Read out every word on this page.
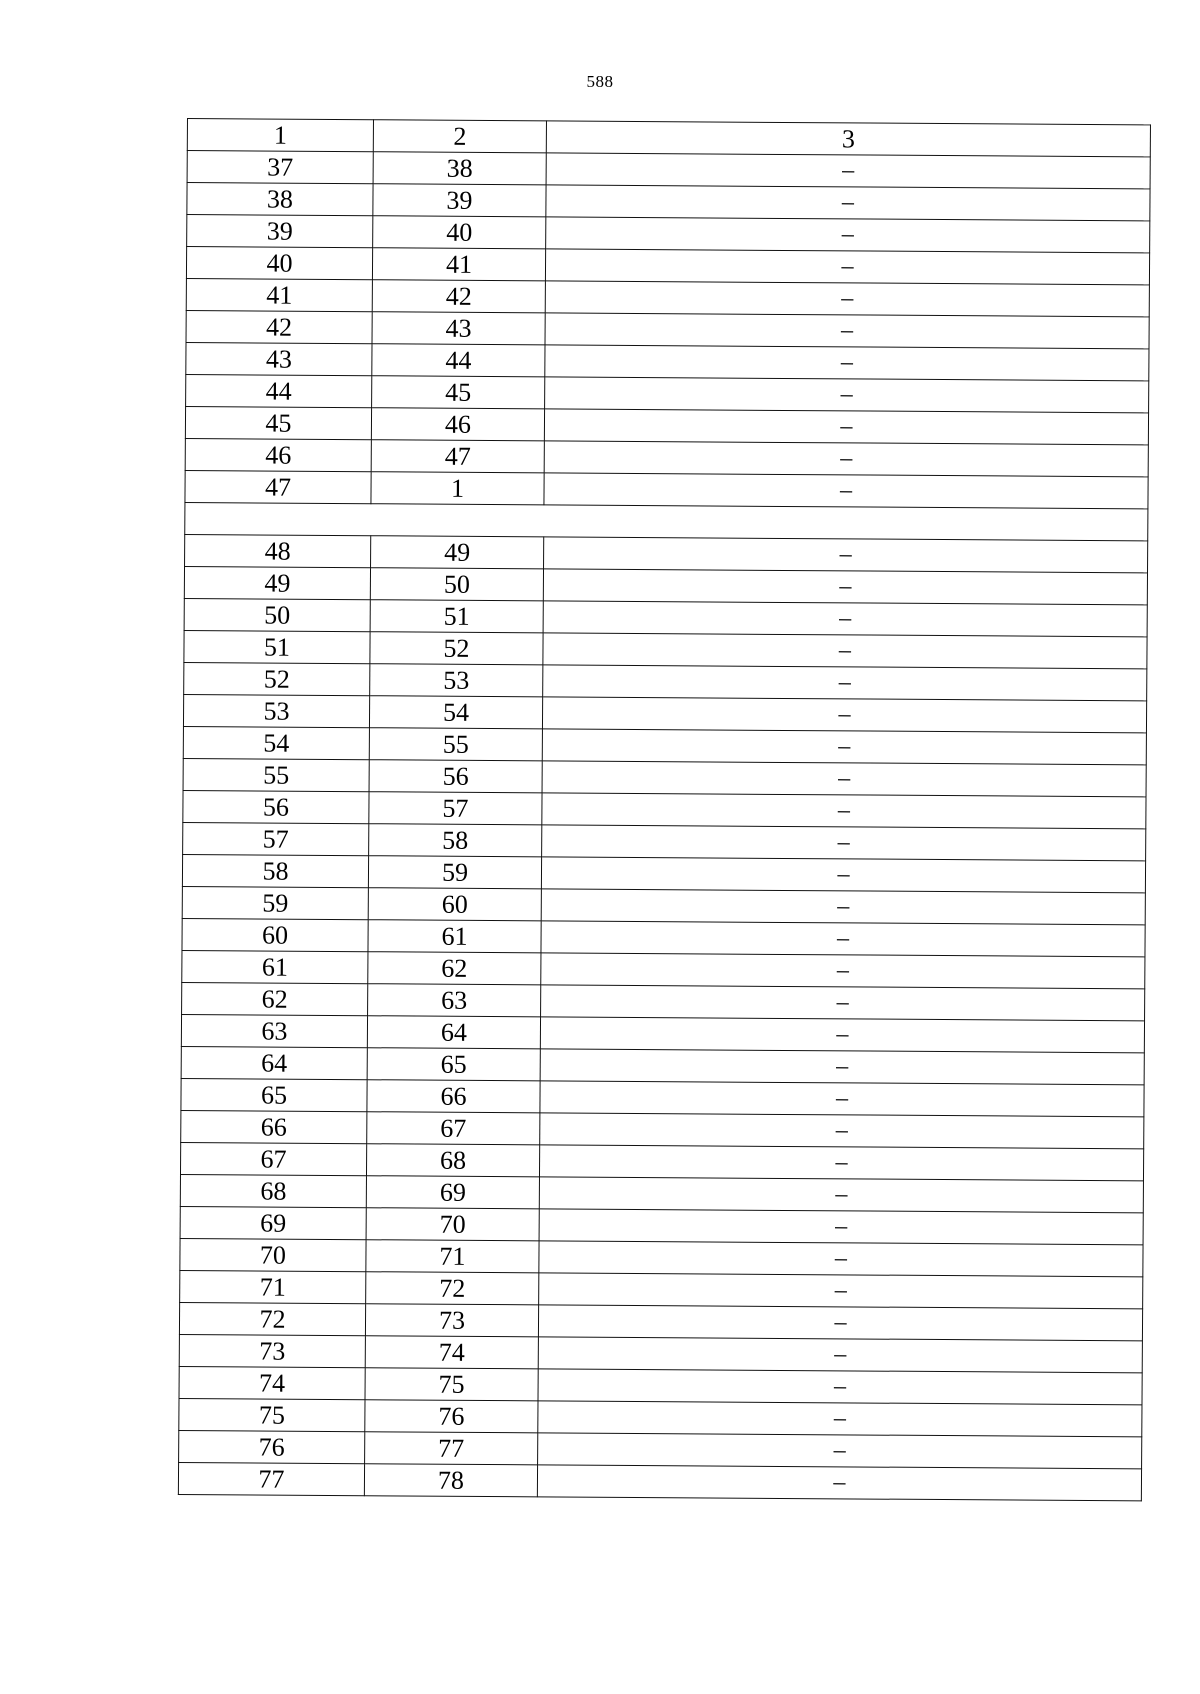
588
1	2	3
37	38	–
38	39	–
39	40	–
40	41	–
41	42	–
42	43	–
43	44	–
44	45	–
45	46	–
46	47	–
47	1	–

48	49	–
49	50	–
50	51	–
51	52	–
52	53	–
53	54	–
54	55	–
55	56	–
56	57	–
57	58	–
58	59	–
59	60	–
60	61	–
61	62	–
62	63	–
63	64	–
64	65	–
65	66	–
66	67	–
67	68	–
68	69	–
69	70	–
70	71	–
71	72	–
72	73	–
73	74	–
74	75	–
75	76	–
76	77	–
77	78	–
